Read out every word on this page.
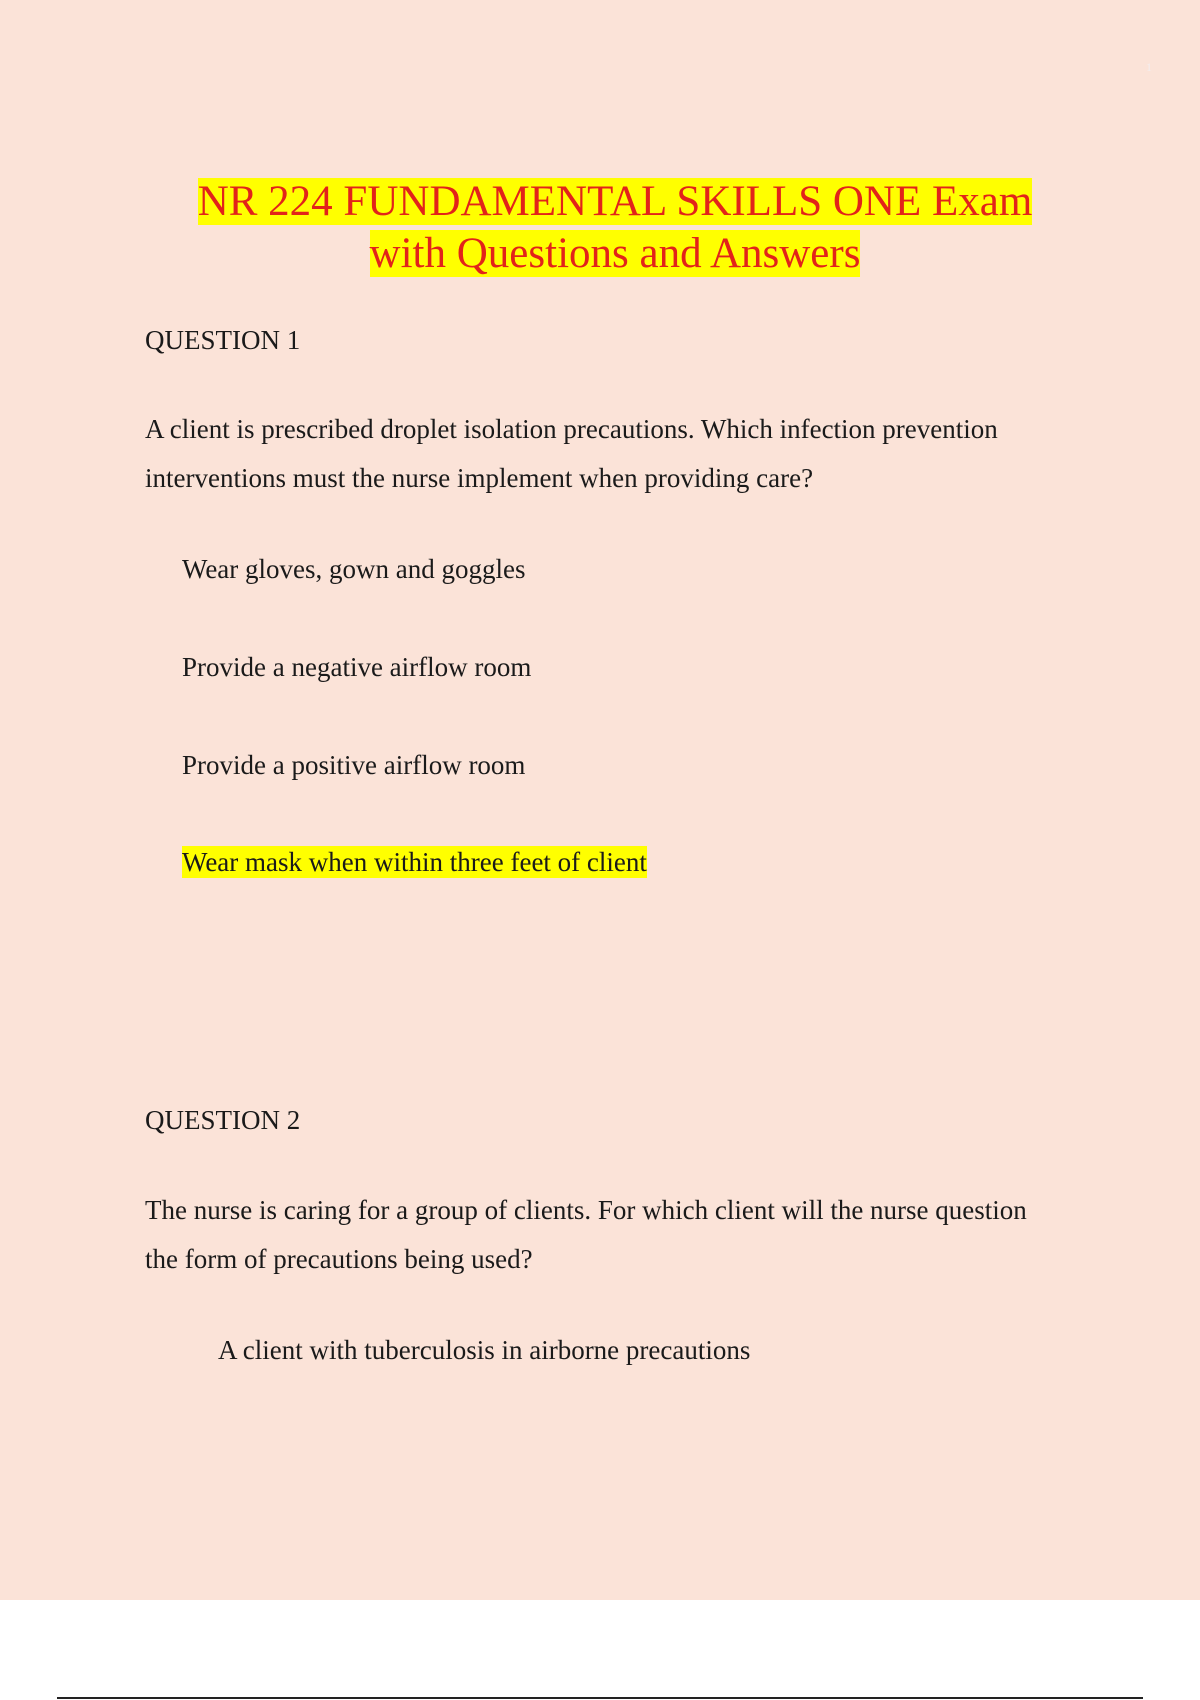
1
NR 224 FUNDAMENTAL SKILLS ONE Exam
with Questions and Answers
QUESTION 1
A client is prescribed droplet isolation precautions. Which infection prevention interventions must the nurse implement when providing care?
Wear gloves, gown and goggles
Provide a negative airflow room
Provide a positive airflow room
Wear mask when within three feet of client
QUESTION 2
The nurse is caring for a group of clients. For which client will the nurse question the form of precautions being used?
A client with tuberculosis in airborne precautions
